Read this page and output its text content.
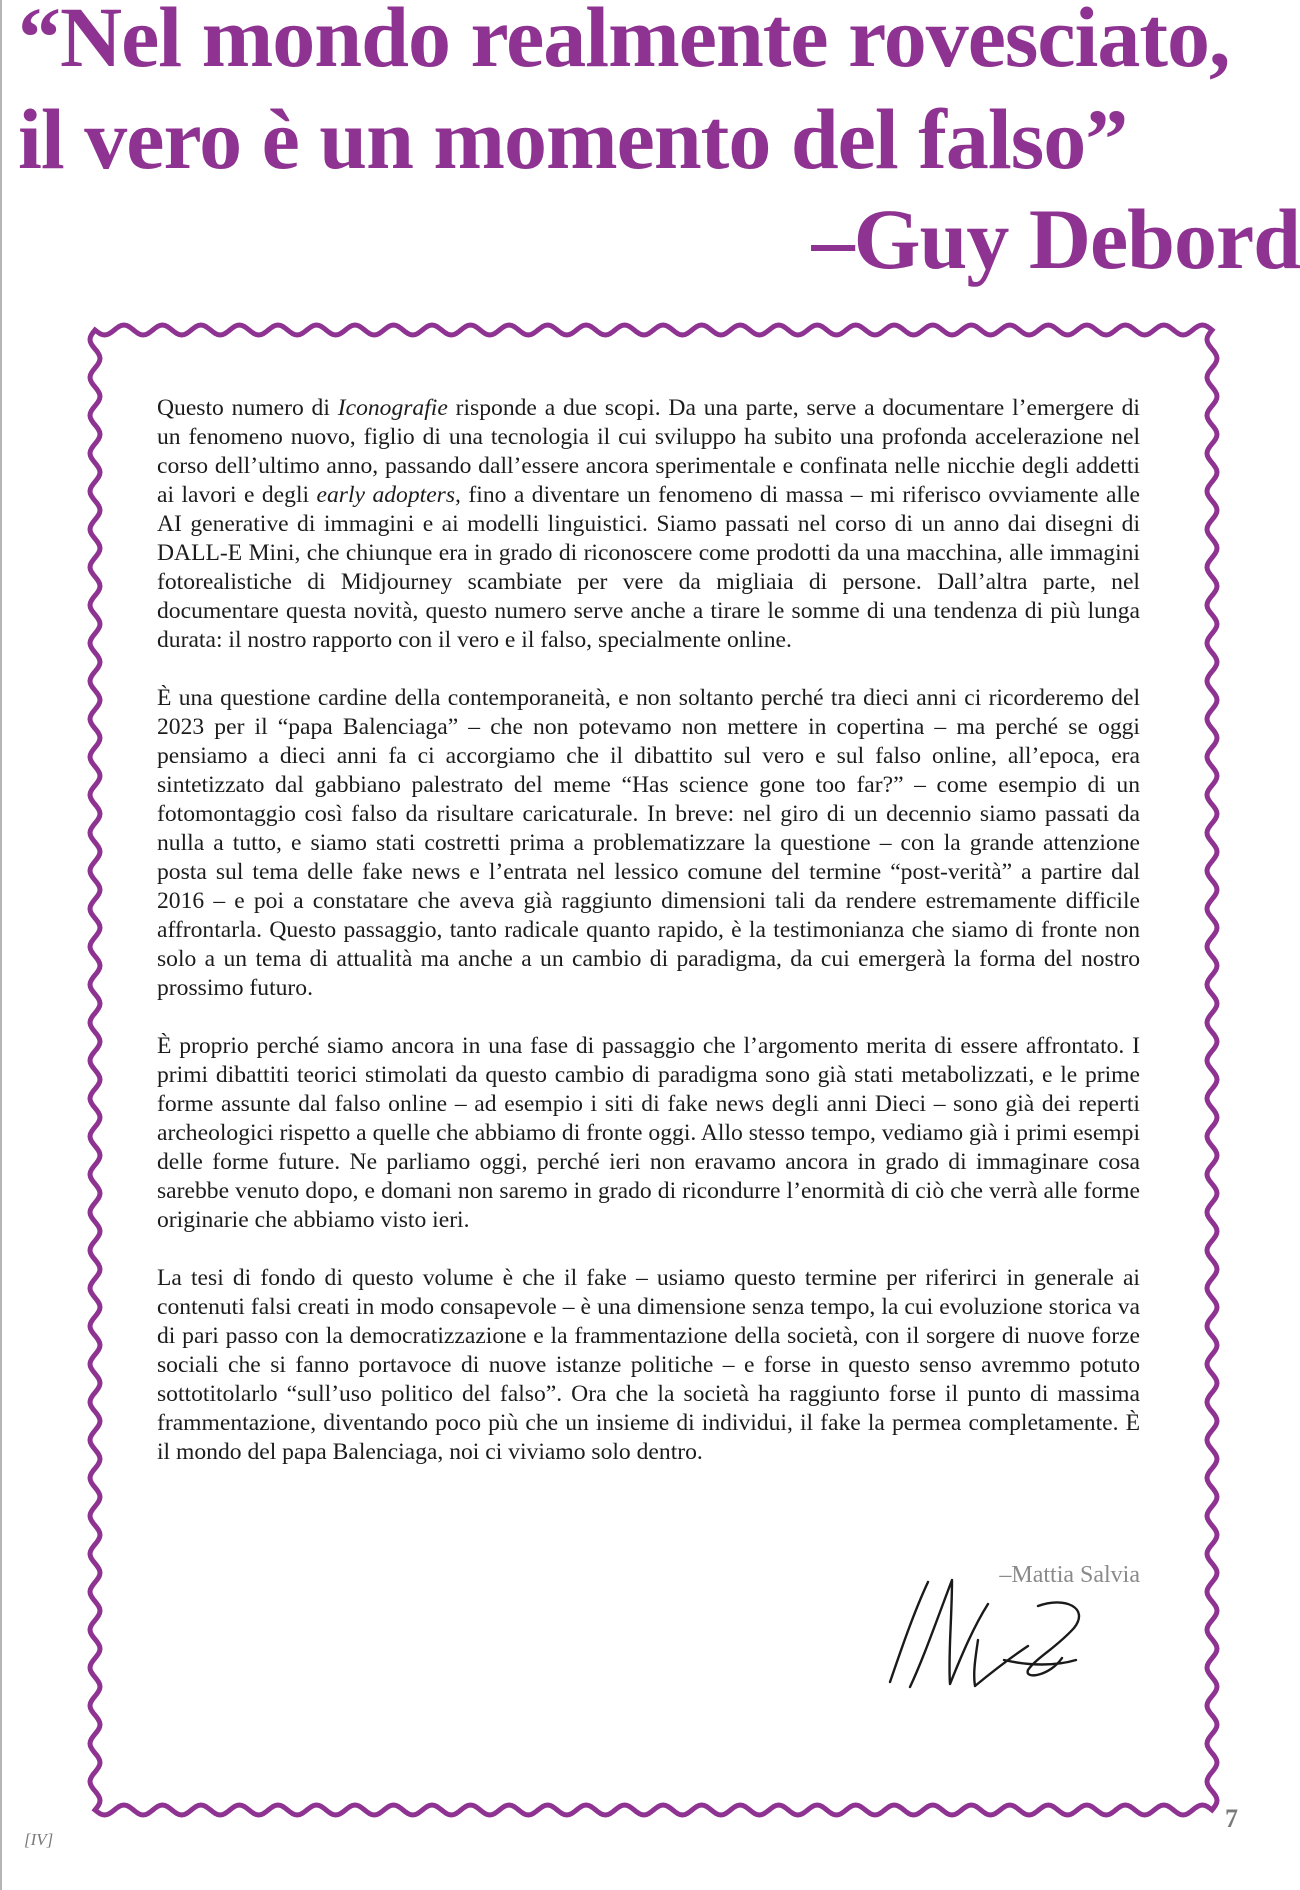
“Nel mondo realmente rovesciato,
il vero è un momento del falso”
–Guy Debord

Questo numero di Iconografie risponde a due scopi. Da una parte, serve a documentare l’emergere di un fenomeno nuovo, figlio di una tecnologia il cui sviluppo ha subito una profonda accelerazione nel corso dell’ultimo anno, passando dall’essere ancora sperimentale e confinata nelle nicchie degli addetti ai lavori e degli early adopters, fino a diventare un fenomeno di massa – mi riferisco ovviamente alle AI generative di immagini e ai modelli linguistici. Siamo passati nel corso di un anno dai disegni di DALL-E Mini, che chiunque era in grado di riconoscere come prodotti da una macchina, alle immagini fotorealistiche di Midjourney scambiate per vere da migliaia di persone. Dall’altra parte, nel documentare questa novità, questo numero serve anche a tirare le somme di una tendenza di più lunga durata: il nostro rapporto con il vero e il falso, specialmente online.

È una questione cardine della contemporaneità, e non soltanto perché tra dieci anni ci ricorderemo del 2023 per il “papa Balenciaga” – che non potevamo non mettere in copertina – ma perché se oggi pensiamo a dieci anni fa ci accorgiamo che il dibattito sul vero e sul falso online, all’epoca, era sintetizzato dal gabbiano palestrato del meme “Has science gone too far?” – come esempio di un fotomontaggio così falso da risultare caricaturale. In breve: nel giro di un decennio siamo passati da nulla a tutto, e siamo stati costretti prima a problematizzare la questione – con la grande attenzione posta sul tema delle fake news e l’entrata nel lessico comune del termine “post-verità” a partire dal 2016 – e poi a constatare che aveva già raggiunto dimensioni tali da rendere estremamente difficile affrontarla. Questo passaggio, tanto radicale quanto rapido, è la testimonianza che siamo di fronte non solo a un tema di attualità ma anche a un cambio di paradigma, da cui emergerà la forma del nostro prossimo futuro.

È proprio perché siamo ancora in una fase di passaggio che l’argomento merita di essere affrontato. I primi dibattiti teorici stimolati da questo cambio di paradigma sono già stati metabolizzati, e le prime forme assunte dal falso online – ad esempio i siti di fake news degli anni Dieci – sono già dei reperti archeologici rispetto a quelle che abbiamo di fronte oggi. Allo stesso tempo, vediamo già i primi esempi delle forme future. Ne parliamo oggi, perché ieri non eravamo ancora in grado di immaginare cosa sarebbe venuto dopo, e domani non saremo in grado di ricondurre l’enormità di ciò che verrà alle forme originarie che abbiamo visto ieri.

La tesi di fondo di questo volume è che il fake – usiamo questo termine per riferirci in generale ai contenuti falsi creati in modo consapevole – è una dimensione senza tempo, la cui evoluzione storica va di pari passo con la democratizzazione e la frammentazione della società, con il sorgere di nuove forze sociali che si fanno portavoce di nuove istanze politiche – e forse in questo senso avremmo potuto sottotitolarlo “sull’uso politico del falso”. Ora che la società ha raggiunto forse il punto di massima frammentazione, diventando poco più che un insieme di individui, il fake la permea completamente. È il mondo del papa Balenciaga, noi ci viviamo solo dentro.

–Mattia Salvia
7
[IV]
